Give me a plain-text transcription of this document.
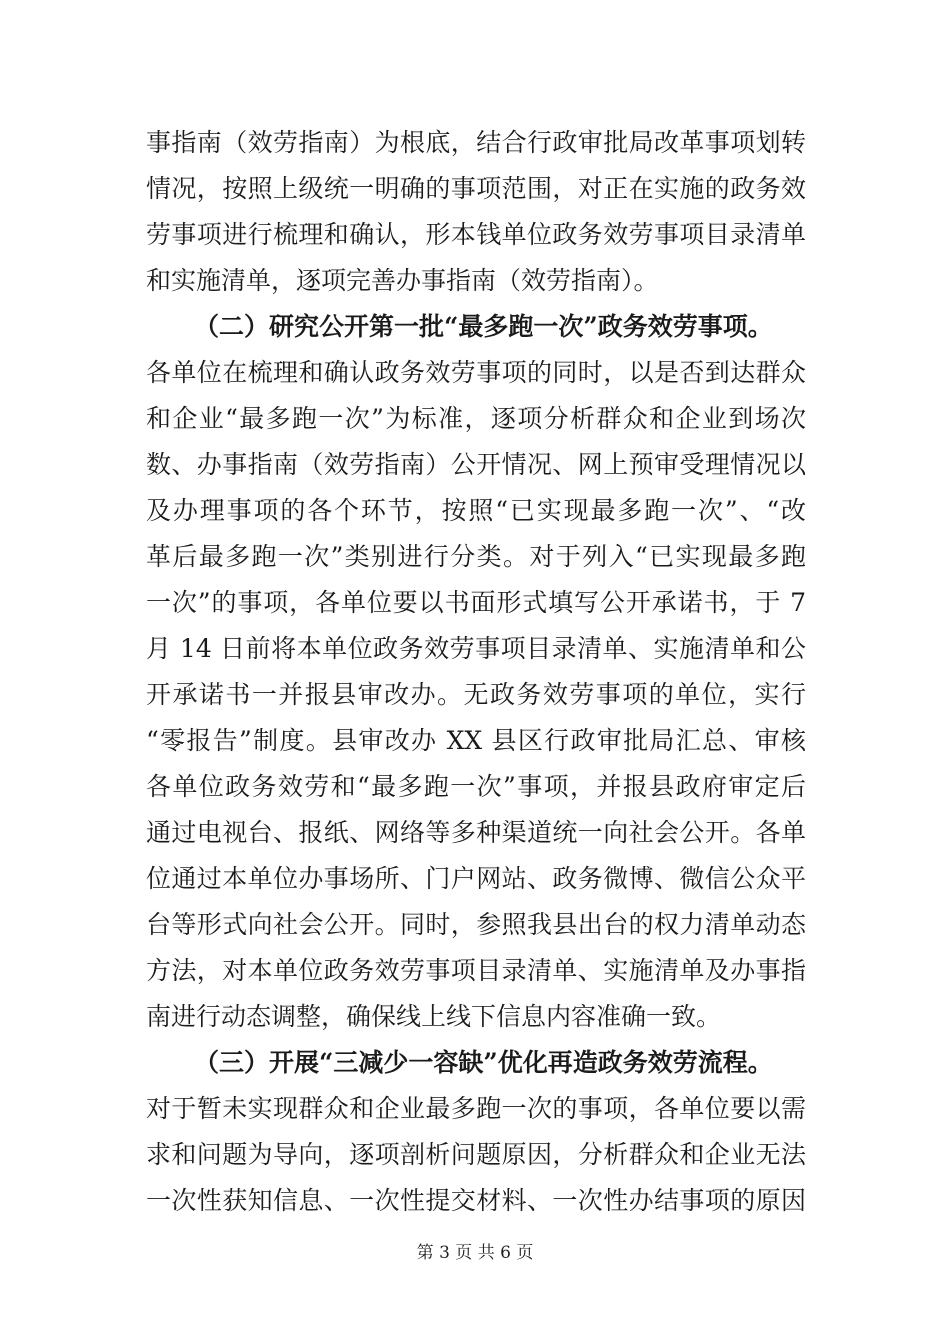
事指南（效劳指南）为根底，结合行政审批局改革事项划转
情况，按照上级统一明确的事项范围，对正在实施的政务效
劳事项进行梳理和确认，形本钱单位政务效劳事项目录清单
和实施清单，逐项完善办事指南（效劳指南）。
（二）研究公开第一批“最多跑一次”政务效劳事项。
各单位在梳理和确认政务效劳事项的同时，以是否到达群众
和企业“最多跑一次”为标准，逐项分析群众和企业到场次
数、办事指南（效劳指南）公开情况、网上预审受理情况以
及办理事项的各个环节，按照“已实现最多跑一次”、“改
革后最多跑一次”类别进行分类。对于列入“已实现最多跑
一次”的事项，各单位要以书面形式填写公开承诺书，于 7
月 14 日前将本单位政务效劳事项目录清单、实施清单和公
开承诺书一并报县审改办。无政务效劳事项的单位，实行
“零报告”制度。县审改办 XX 县区行政审批局汇总、审核
各单位政务效劳和“最多跑一次”事项，并报县政府审定后
通过电视台、报纸、网络等多种渠道统一向社会公开。各单
位通过本单位办事场所、门户网站、政务微博、微信公众平
台等形式向社会公开。同时，参照我县出台的权力清单动态
方法，对本单位政务效劳事项目录清单、实施清单及办事指
南进行动态调整，确保线上线下信息内容准确一致。
（三）开展“三减少一容缺”优化再造政务效劳流程。
对于暂未实现群众和企业最多跑一次的事项，各单位要以需
求和问题为导向，逐项剖析问题原因，分析群众和企业无法
一次性获知信息、一次性提交材料、一次性办结事项的原因
第 3 页 共 6 页
